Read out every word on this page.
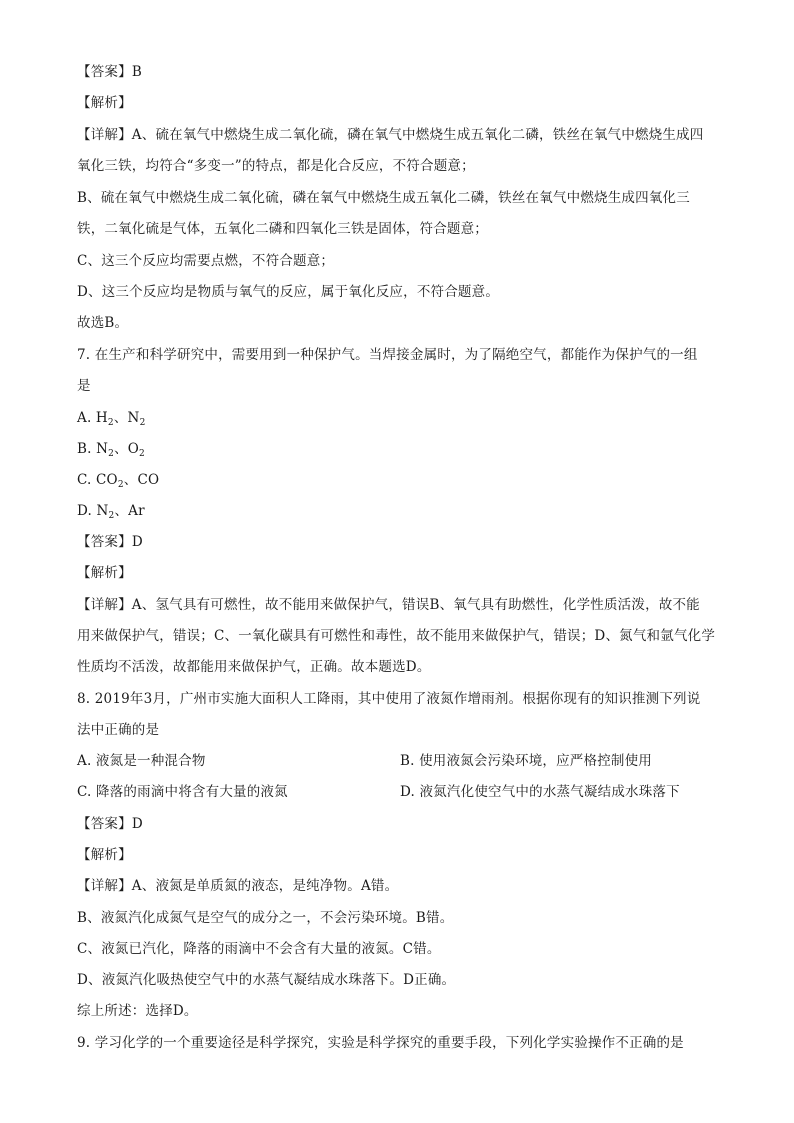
【答案】B
【解析】
【详解】A、硫在氧气中燃烧生成二氧化硫，磷在氧气中燃烧生成五氧化二磷，铁丝在氧气中燃烧生成四
氧化三铁，均符合“多变一”的特点，都是化合反应，不符合题意；
B、硫在氧气中燃烧生成二氧化硫，磷在氧气中燃烧生成五氧化二磷，铁丝在氧气中燃烧生成四氧化三
铁，二氧化硫是气体，五氧化二磷和四氧化三铁是固体，符合题意；
C、这三个反应均需要点燃，不符合题意；
D、这三个反应均是物质与氧气的反应，属于氧化反应，不符合题意。
故选B。
7. 在生产和科学研究中，需要用到一种保护气。当焊接金属时，为了隔绝空气，都能作为保护气的一组
是
A. $H_2$、$N_2$
B. $N_2$、$O_2$
C. $CO_2$、CO
D. $N_2$、Ar
【答案】D
【解析】
【详解】A、氢气具有可燃性，故不能用来做保护气，错误B、氧气具有助燃性，化学性质活泼，故不能
用来做保护气，错误；C、一氧化碳具有可燃性和毒性，故不能用来做保护气，错误；D、氮气和氩气化学
性质均不活泼，故都能用来做保护气，正确。故本题选D。
8. 2019年3月，广州市实施大面积人工降雨，其中使用了液氮作增雨剂。根据你现有的知识推测下列说
法中正确的是
A. 液氮是一种混合物	B. 使用液氮会污染环境，应严格控制使用
C. 降落的雨滴中将含有大量的液氮	D. 液氮汽化使空气中的水蒸气凝结成水珠落下
【答案】D
【解析】
【详解】A、液氮是单质氮的液态，是纯净物。A错。
B、液氮汽化成氮气是空气的成分之一，不会污染环境。B错。
C、液氮已汽化，降落的雨滴中不会含有大量的液氮。C错。
D、液氮汽化吸热使空气中的水蒸气凝结成水珠落下。D正确。
综上所述：选择D。
9. 学习化学的一个重要途径是科学探究，实验是科学探究的重要手段，下列化学实验操作不正确的是
